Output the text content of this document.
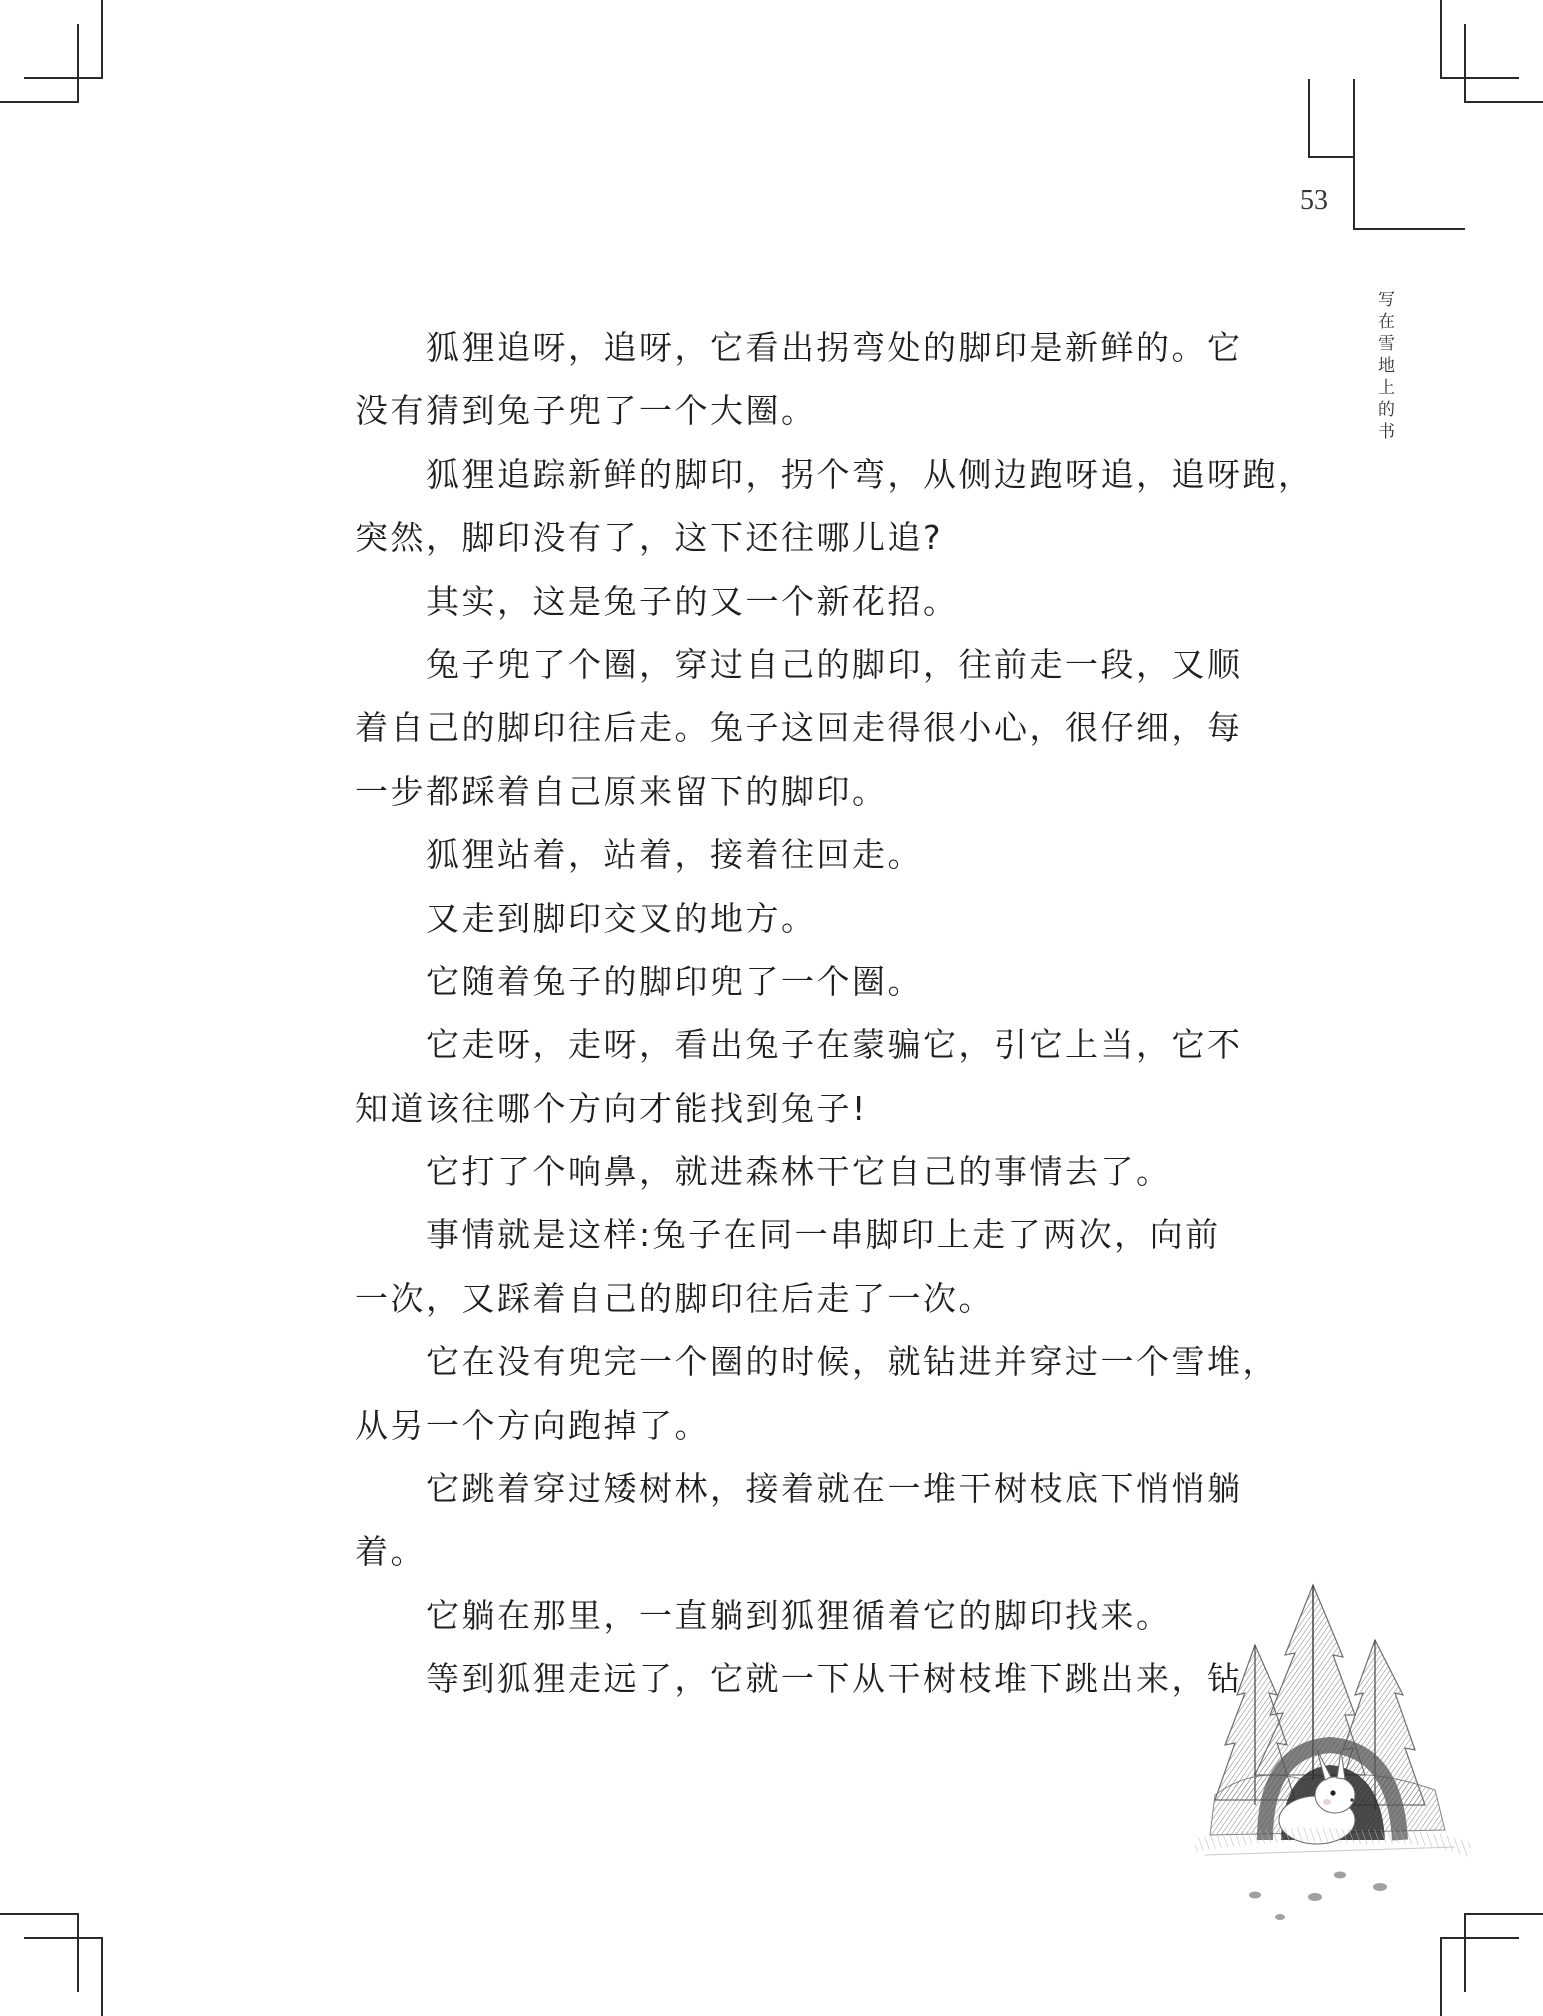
53
写在雪地上的书
狐狸追呀，追呀，它看出拐弯处的脚印是新鲜的。它
没有猜到兔子兜了一个大圈。
狐狸追踪新鲜的脚印，拐个弯，从侧边跑呀追，追呀跑，
突然，脚印没有了，这下还往哪儿追?
其实，这是兔子的又一个新花招。
兔子兜了个圈，穿过自己的脚印，往前走一段，又顺
着自己的脚印往后走。兔子这回走得很小心，很仔细，每
一步都踩着自己原来留下的脚印。
狐狸站着，站着，接着往回走。
又走到脚印交叉的地方。
它随着兔子的脚印兜了一个圈。
它走呀，走呀，看出兔子在蒙骗它，引它上当，它不
知道该往哪个方向才能找到兔子!
它打了个响鼻，就进森林干它自己的事情去了。
事情就是这样:兔子在同一串脚印上走了两次，向前
一次，又踩着自己的脚印往后走了一次。
它在没有兜完一个圈的时候，就钻进并穿过一个雪堆，
从另一个方向跑掉了。
它跳着穿过矮树林，接着就在一堆干树枝底下悄悄躺
着。
它躺在那里，一直躺到狐狸循着它的脚印找来。
等到狐狸走远了，它就一下从干树枝堆下跳出来，钻
